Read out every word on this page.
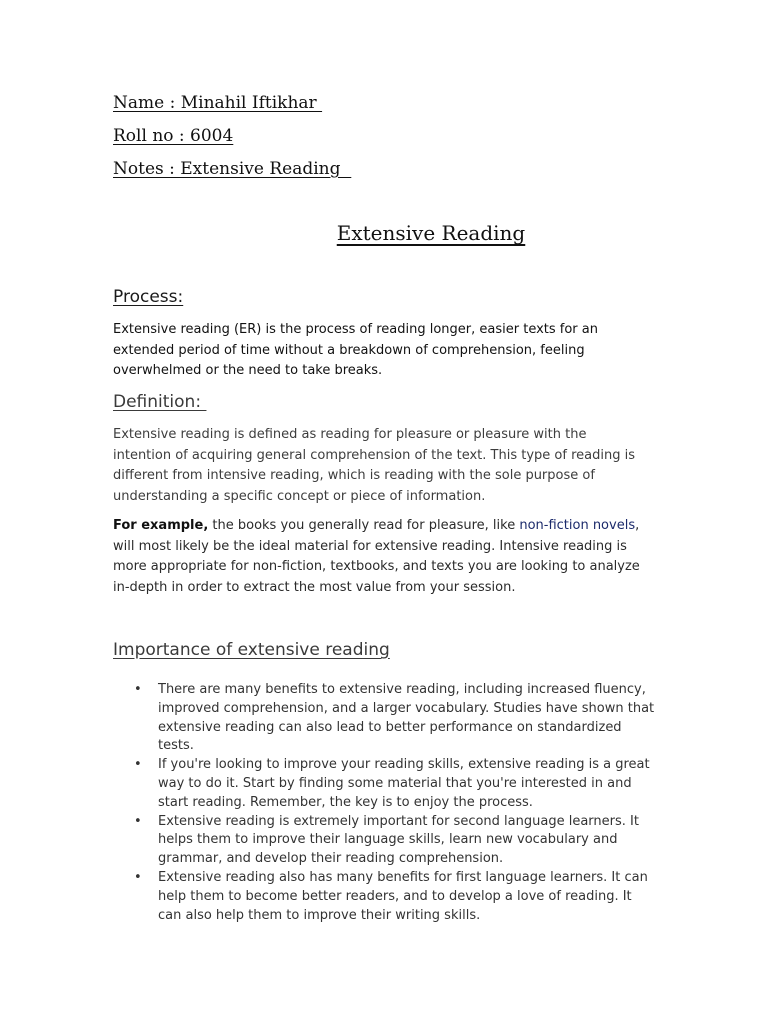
Name : Minahil Iftikhar

Roll no : 6004

Notes : Extensive Reading

Extensive Reading
Process:

Extensive reading (ER) is the process of reading longer, easier texts for an extended period of time without a breakdown of comprehension, feeling overwhelmed or the need to take breaks.

Definition:

Extensive reading is defined as reading for pleasure or pleasure with the intention of acquiring general comprehension of the text. This type of reading is different from intensive reading, which is reading with the sole purpose of understanding a specific concept or piece of information.

For example, the books you generally read for pleasure, like non-fiction novels, will most likely be the ideal material for extensive reading. Intensive reading is more appropriate for non-fiction, textbooks, and texts you are looking to analyze in-depth in order to extract the most value from your session.

Importance of extensive reading
• There are many benefits to extensive reading, including increased fluency, improved comprehension, and a larger vocabulary. Studies have shown that extensive reading can also lead to better performance on standardized tests.
• If you're looking to improve your reading skills, extensive reading is a great way to do it. Start by finding some material that you're interested in and start reading. Remember, the key is to enjoy the process.
• Extensive reading is extremely important for second language learners. It helps them to improve their language skills, learn new vocabulary and grammar, and develop their reading comprehension.
• Extensive reading also has many benefits for first language learners. It can help them to become better readers, and to develop a love of reading. It can also help them to improve their writing skills.
